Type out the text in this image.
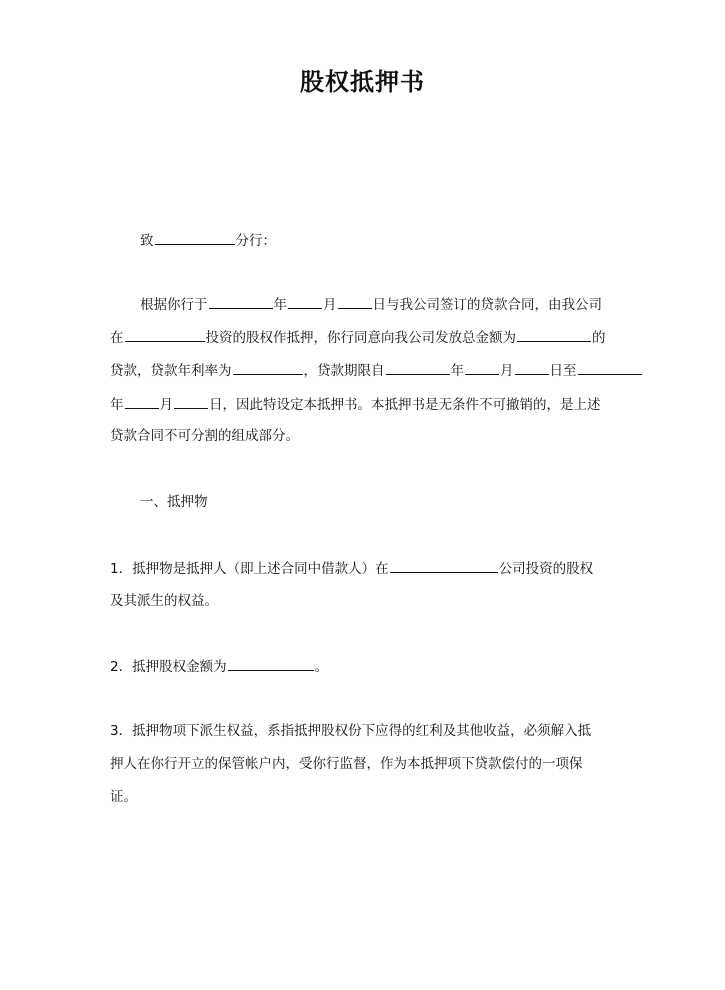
股权抵押书
致	分行：
根据你行于	年	月	日与我公司签订的贷款合同，由我公司
在	投资的股权作抵押，你行同意向我公司发放总金额为	的
贷款，贷款年利率为	，贷款期限自	年	月	日至
年	月	日，因此特设定本抵押书。本抵押书是无条件不可撤销的，是上述
贷款合同不可分割的组成部分。
一、抵押物
1．抵押物是抵押人（即上述合同中借款人）在	公司投资的股权
及其派生的权益。
2．抵押股权金额为	。
3．抵押物项下派生权益，系指抵押股权份下应得的红利及其他收益，必须解入抵
押人在你行开立的保管帐户内，受你行监督，作为本抵押项下贷款偿付的一项保
证。
